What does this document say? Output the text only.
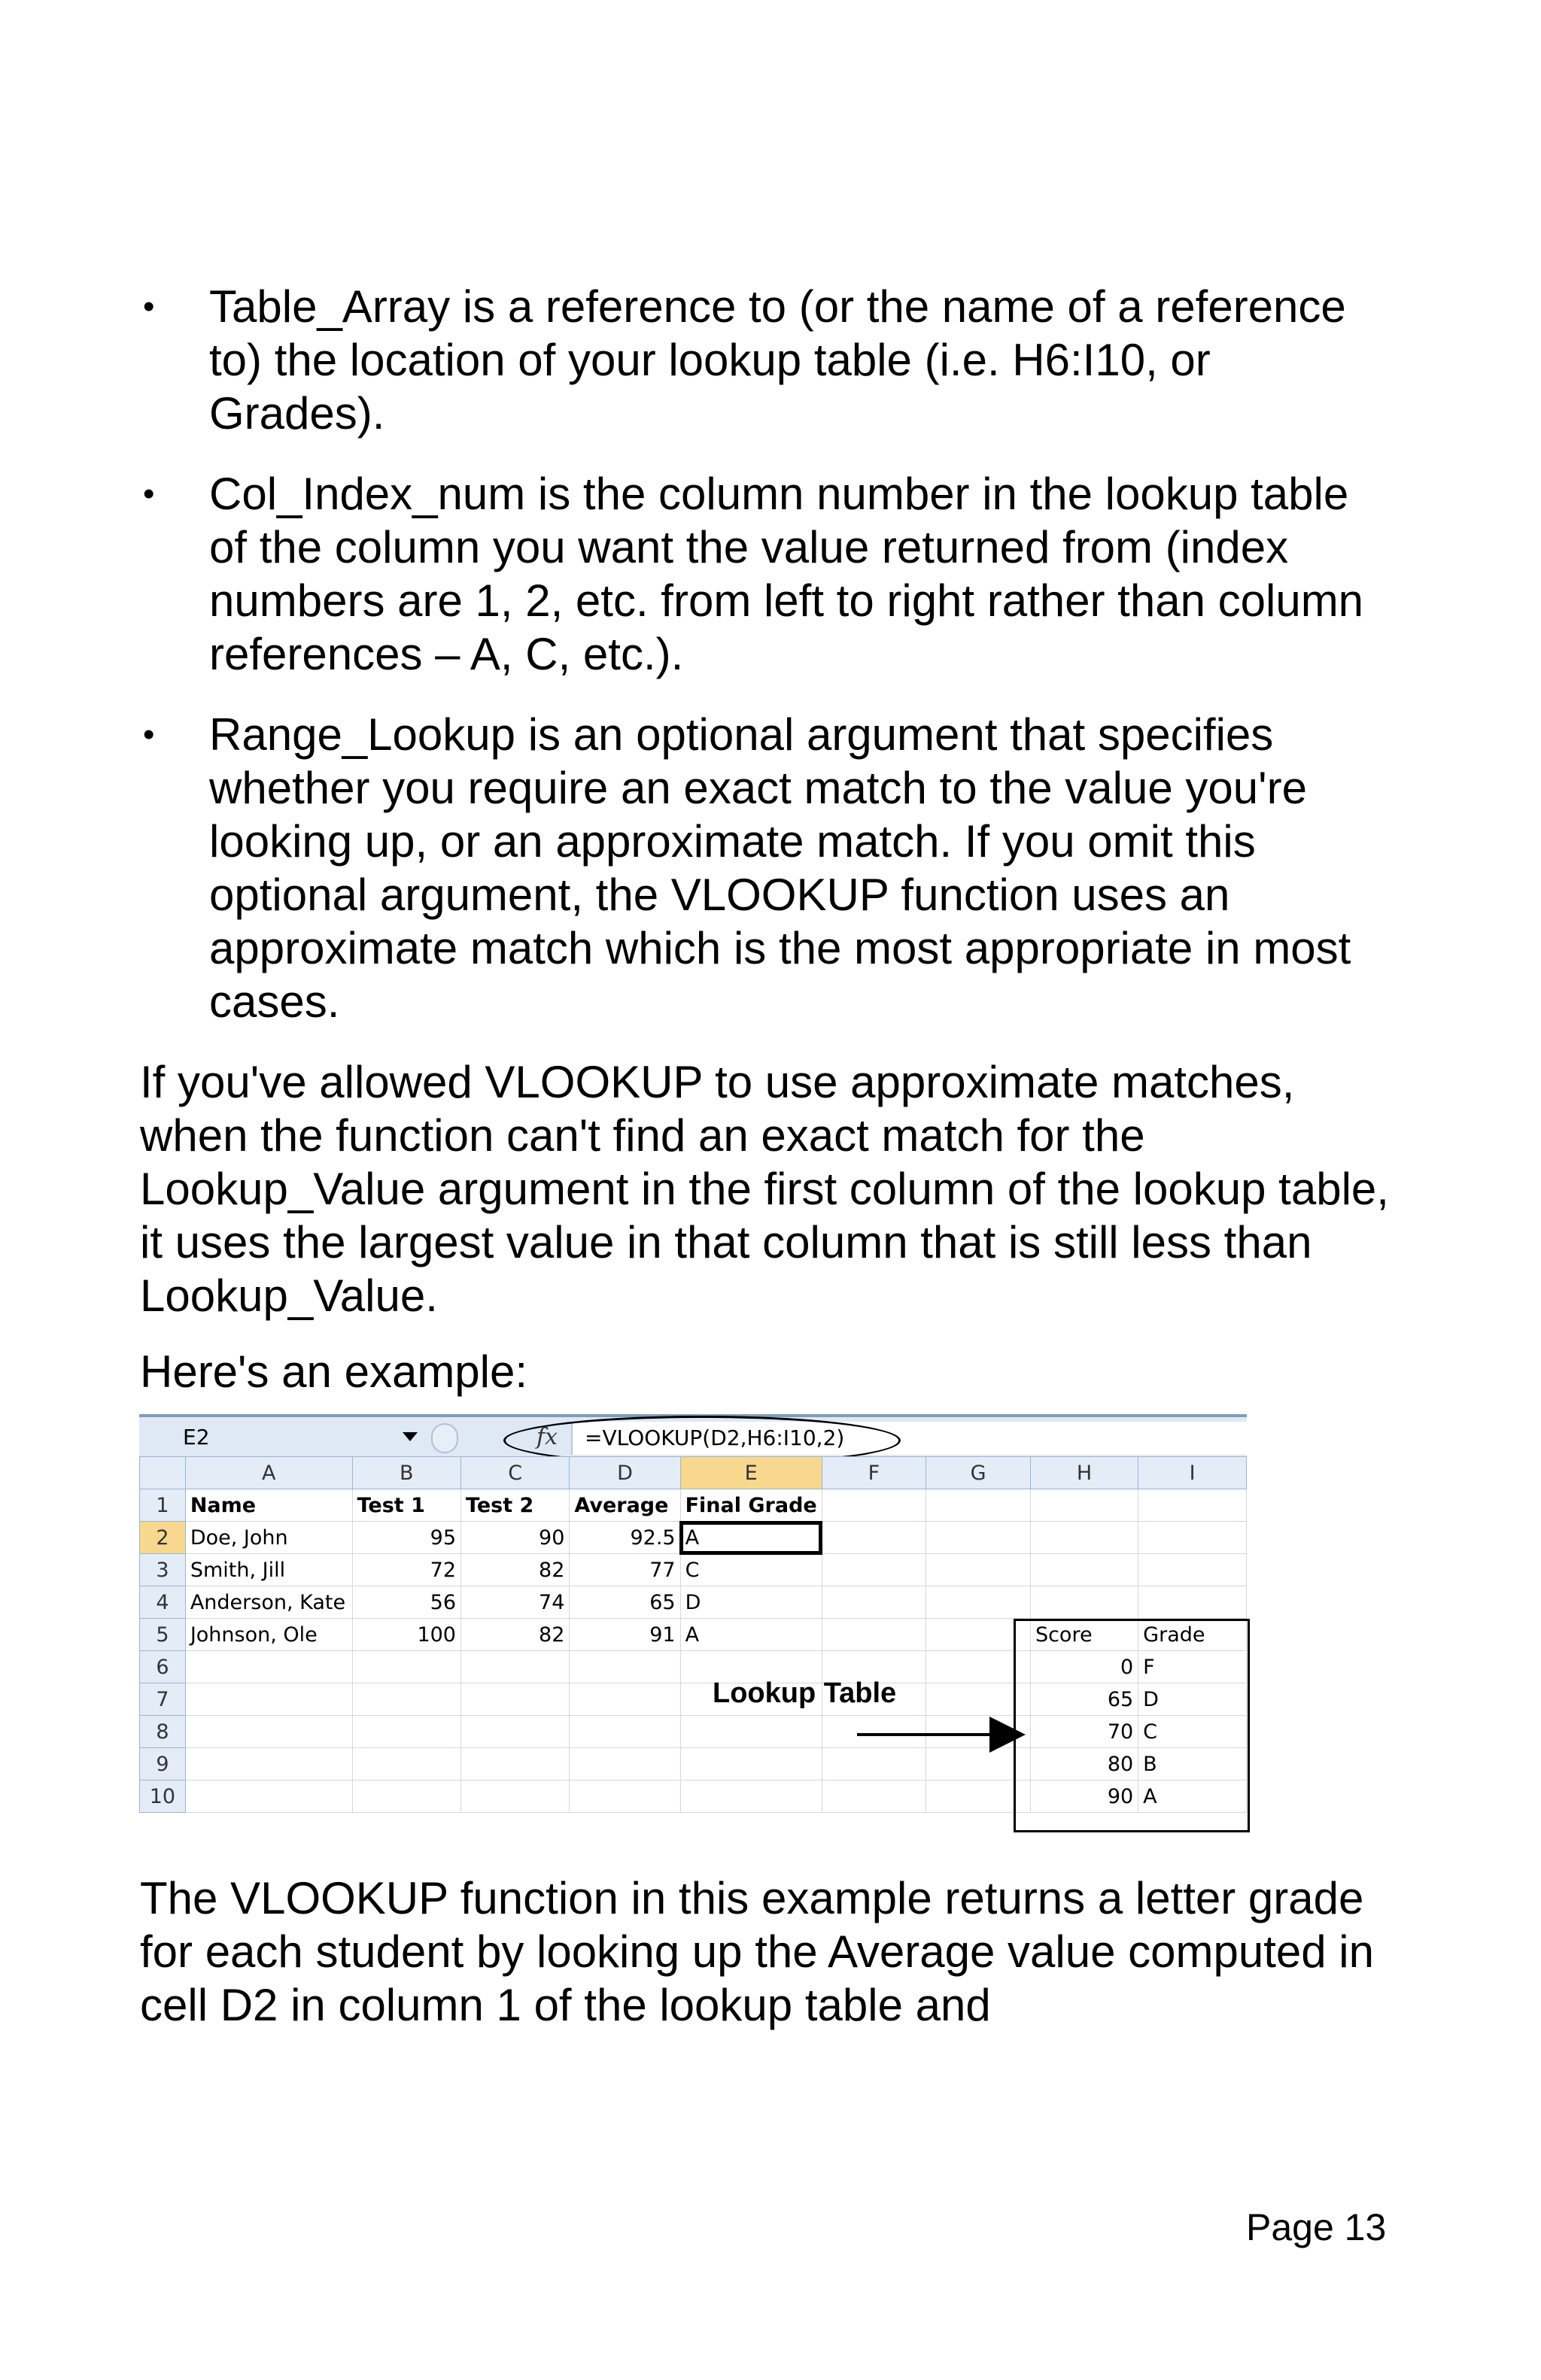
• Table_Array is a reference to (or the name of a reference to) the location of your lookup table (i.e. H6:I10, or Grades).
• Col_Index_num is the column number in the lookup table of the column you want the value returned from (index numbers are 1, 2, etc. from left to right rather than column references – A, C, etc.).
• Range_Lookup is an optional argument that specifies whether you require an exact match to the value you're looking up, or an approximate match. If you omit this optional argument, the VLOOKUP function uses an approximate match which is the most appropriate in most cases.

If you've allowed VLOOKUP to use approximate matches, when the function can't find an exact match for the Lookup_Value argument in the first column of the lookup table, it uses the largest value in that column that is still less than Lookup_Value.

Here's an example:

E2	fx	=VLOOKUP(D2,H6:I10,2)
	A	B	C	D	E	F	G	H	I
1	Name	Test 1	Test 2	Average	Final Grade				
2	Doe, John	95	90	92.5	A				
3	Smith, Jill	72	82	77	C				
4	Anderson, Kate	56	74	65	D				
5	Johnson, Ole	100	82	91	A			Score	Grade
6								0	F
7								65	D
8								70	C
9								80	B
10								90	A
Lookup Table

The VLOOKUP function in this example returns a letter grade for each student by looking up the Average value computed in cell D2 in column 1 of the lookup table and

Page 13
